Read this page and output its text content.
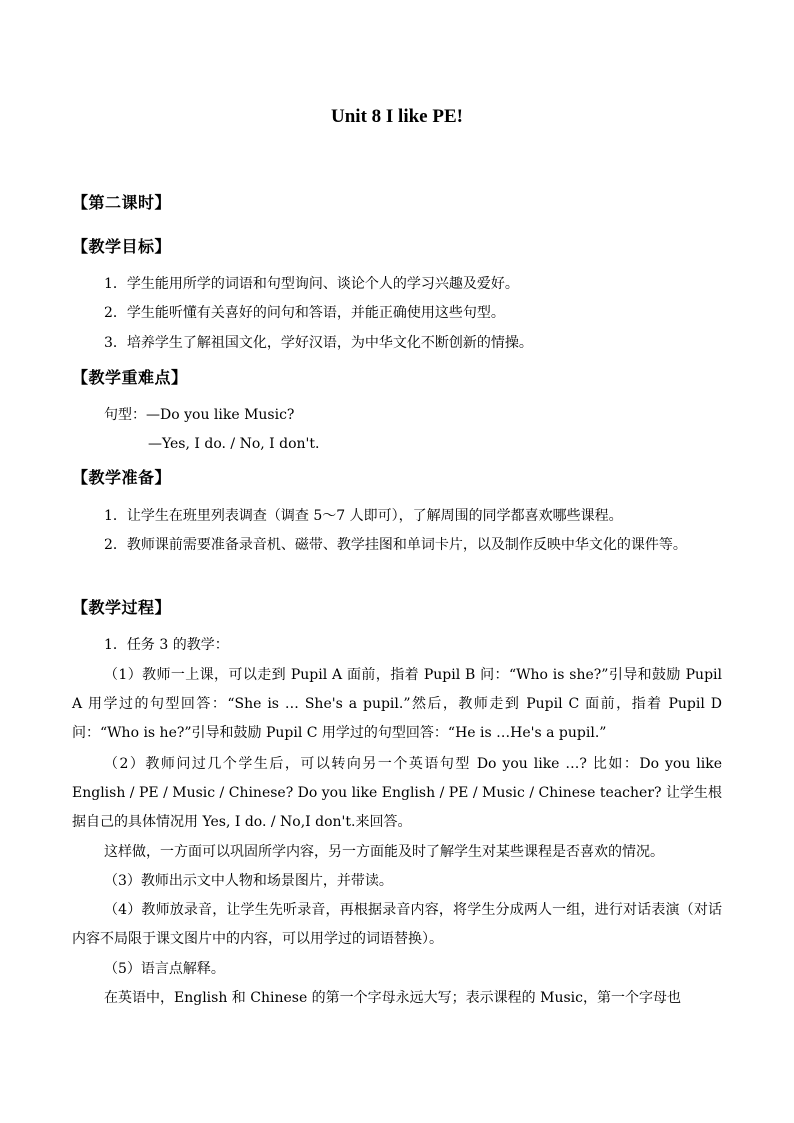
Unit 8 I like PE!
【第二课时】
【教学目标】
1．学生能用所学的词语和句型询问、谈论个人的学习兴趣及爱好。
2．学生能听懂有关喜好的问句和答语，并能正确使用这些句型。
3．培养学生了解祖国文化，学好汉语，为中华文化不断创新的情操。
【教学重难点】
句型：—Do you like Music?
—Yes, I do. / No, I don't.
【教学准备】
1．让学生在班里列表调查（调查 5～7 人即可），了解周围的同学都喜欢哪些课程。
2．教师课前需要准备录音机、磁带、教学挂图和单词卡片，以及制作反映中华文化的课件等。
【教学过程】
1．任务 3 的教学：
（1）教师一上课，可以走到 Pupil A 面前，指着 Pupil B 问：“Who is she?”引导和鼓励 Pupil A 用学过的句型回答：“She is … She's a pupil.”然后，教师走到 Pupil C 面前，指着 Pupil D 问：“Who is he?”引导和鼓励 Pupil C 用学过的句型回答：“He is …He's a pupil.”
（2）教师问过几个学生后，可以转向另一个英语句型 Do you like …? 比如：Do you like English / PE / Music / Chinese? Do you like English / PE / Music / Chinese teacher? 让学生根据自己的具体情况用 Yes, I do. / No,I don't.来回答。
这样做，一方面可以巩固所学内容，另一方面能及时了解学生对某些课程是否喜欢的情况。
（3）教师出示文中人物和场景图片，并带读。
（4）教师放录音，让学生先听录音，再根据录音内容，将学生分成两人一组，进行对话表演（对话内容不局限于课文图片中的内容，可以用学过的词语替换）。
（5）语言点解释。
在英语中，English 和 Chinese 的第一个字母永远大写；表示课程的 Music，第一个字母也
